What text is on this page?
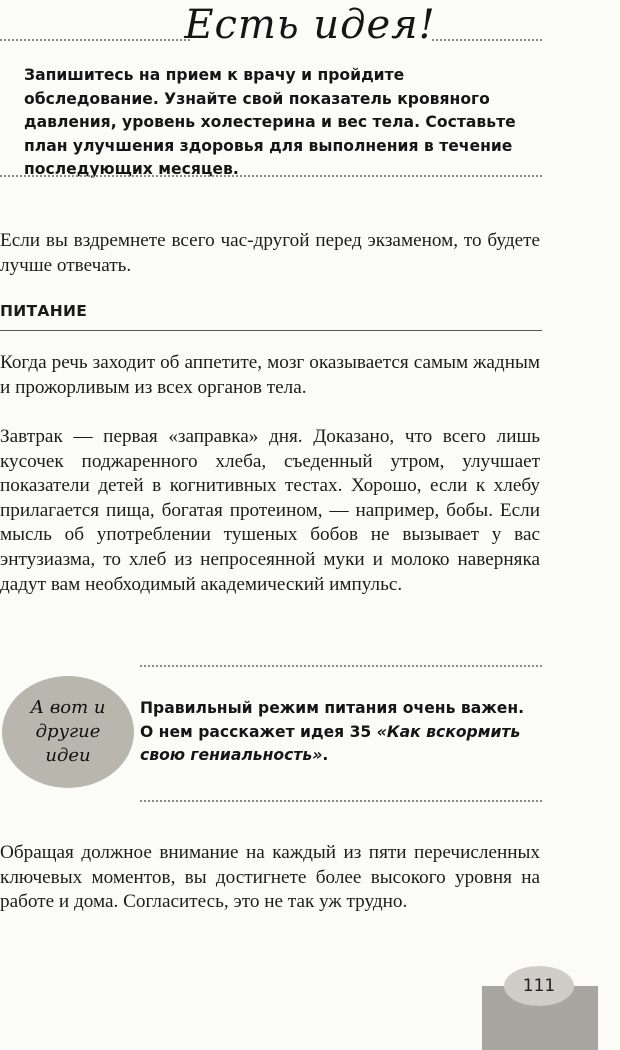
Есть идея!
Запишитесь на прием к врачу и пройдите обследование. Узнайте свой показатель кровяного давления, уровень холестерина и вес тела. Составьте план улучшения здоровья для выполнения в течение последующих месяцев.
Если вы вздремнете всего час-другой перед экзаменом, то будете лучше отвечать.
ПИТАНИЕ
Когда речь заходит об аппетите, мозг оказывается самым жадным и прожорливым из всех органов тела.
Завтрак — первая «заправка» дня. Доказано, что всего лишь кусочек поджаренного хлеба, съеденный утром, улучшает показатели детей в когнитивных тестах. Хорошо, если к хлебу прилагается пища, богатая протеином, — например, бобы. Если мысль об употреблении тушеных бобов не вызывает у вас энтузиазма, то хлеб из непросеянной муки и молоко наверняка дадут вам необходимый академический импульс.
А вот и другие идеи
Правильный режим питания очень важен. О нем расскажет идея 35 «Как вскормить свою гениальность».
Обращая должное внимание на каждый из пяти перечисленных ключевых моментов, вы достигнете более высокого уровня на работе и дома. Согласитесь, это не так уж трудно.
111
